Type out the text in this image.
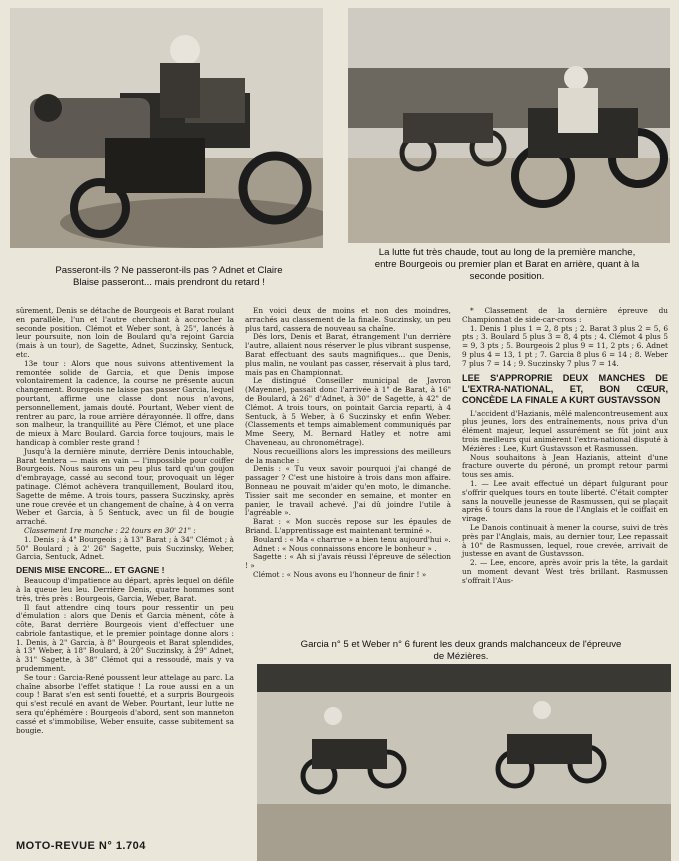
Passeront-ils ? Ne passeront-ils pas ? Adnet et Claire Blaise passeront... mais prendront du retard !
La lutte fut très chaude, tout au long de la première manche, entre Bourgeois ou premier plan et Barat en arrière, quant à la seconde position.

sûrement, Denis se détache de Bourgeois et Barat roulant en parallèle, l'un et l'autre cherchant à accrocher la seconde position. Clémot et Weber sont, à 25", lancés à leur poursuite, non loin de Boulard qu'a rejoint Garcia (mais à un tour), de Sagette, Adnet, Suczinsky, Sentuck, etc.

13e tour : Alors que nous suivons attentivement la remontée solide de Garcia, et que Denis impose volontairement la cadence, la course ne présente aucun changement. Bourgeois ne laisse pas passer Garcia, lequel pourtant, affirme une classe dont nous n'avons, personnellement, jamais douté. Pourtant, Weber vient de rentrer au parc, la roue arrière dérayonnée. Il offre, dans son malheur, la tranquillité au Père Clémot, et une place de mieux à Marc Boulard. Garcia force toujours, mais le handicap à combler reste grand !

Jusqu'à la dernière minute, derrière Denis intouchable, Barat tentera — mais en vain — l'impossible pour coiffer Bourgeois. Nous saurons un peu plus tard qu'un goujon d'embrayage, cassé au second tour, provoquait un léger patinage. Clémot achèvera tranquillement, Boulard itou, Sagette de même. A trois tours, passera Suczinsky, après une roue crevée et un changement de chaîne, à 4 on verra Weber et Garcia, à 5 Sentuck, avec un fil de bougie arraché.

Classement 1re manche : 22 tours en 30' 21" :

1. Denis ; à 4" Bourgeois ; à 13" Barat ; à 34" Clémot ; à 50" Boulard ; à 2' 26" Sagette, puis Suczinsky, Weber, Garcia, Sentuck, Adnet.

DENIS MISE ENCORE... ET GAGNE !

Beaucoup d'impatience au départ, après lequel on défile à la queue leu leu. Derrière Denis, quatre hommes sont très, très près : Bourgeois, Garcia, Weber, Barat.

Il faut attendre cinq tours pour ressentir un peu d'émulation : alors que Denis et Garcia mènent, côte à côte, Barat derrière Bourgeois vient d'effectuer une cabriole fantastique, et le premier pointage donne alors : 1. Denis, à 2" Garcia, à 8" Bourgeois et Barat splendides, à 13" Weber, à 18" Boulard, à 20" Suczinsky, à 29" Adnet, à 31" Sagette, à 38" Clémot qui a ressoudé, mais y va prudemment.

Se tour : Garcia-René poussent leur attelage au parc. La chaîne absorbe l'effet statique ! La roue aussi en a un coup ! Barat s'en est senti fouetté, et a surpris Bourgeois qui s'est reculé en avant de Weber. Pourtant, leur lutte ne sera qu'éphémère : Bourgeois d'abord, sent son manneton cassé et s'immobilise, Weber ensuite, casse subitement sa bougie.

En voici deux de moins et non des moindres, arrachés au classement de la finale. Suczinsky, un peu plus tard, cassera de nouveau sa chaîne.

Dès lors, Denis et Barat, étrangement l'un derrière l'autre, allaient nous réserver le plus vibrant suspense, Barat effectuant des sauts magnifiques... que Denis, plus malin, ne voulant pas casser, réservait à plus tard, mais pas en Championnat.

Le distingué Conseiller municipal de Javron (Mayenne), passait donc l'arrivée à 1" de Barat, à 16" de Boulard, à 26" d'Adnet, à 30" de Sagette, à 42" de Clémot. A trois tours, on pointait Garcia reparti, à 4 Sentuck, à 5 Weber, à 6 Suczinsky et enfin Weber. (Classements et temps aimablement communiqués par Mme Seery, M. Bernard Hatley et notre ami Chaveneau, au chronométrage).

Nous recueillions alors les impressions des meilleurs de la manche :

Denis : « Tu veux savoir pourquoi j'ai changé de passager ? C'est une histoire à trois dans mon affaire. Bonneau ne pouvait m'aider qu'en moto, le dimanche. Tissier sait me seconder en semaine, et monter en panier, le travail achevé. J'ai dû joindre l'utile à l'agréable ».

Barat : « Mon succès repose sur les épaules de Briand. L'apprentissage est maintenant terminé ».

Boulard : « Ma « charrue » a bien tenu aujourd'hui ».

Adnet : « Nous connaissons encore le bonheur » .

Sagette : « Ah si j'avais réussi l'épreuve de sélection ! »

Clémot : « Nous avons eu l'honneur de finir ! »

* Classement de la dernière épreuve du Championnat de side-car-cross :

1. Denis 1 plus 1 = 2, 8 pts ; 2. Barat 3 plus 2 = 5, 6 pts ; 3. Boulard 5 plus 3 = 8, 4 pts ; 4. Clémot 4 plus 5 = 9, 3 pts ; 5. Bourgeois 2 plus 9 = 11, 2 pts ; 6. Adnet 9 plus 4 = 13, 1 pt ; 7. Garcia 8 plus 6 = 14 ; 8. Weber 7 plus 7 = 14 ; 9. Suczinsky 7 plus 7 = 14.

LEE S'APPROPRIE DEUX MANCHES DE L'EXTRA-NATIONAL, ET, BON CŒUR, CONCÈDE LA FINALE A KURT GUSTAVSSON

L'accident d'Hazianis, mêlé malencontreusement aux plus jeunes, lors des entraînements, nous priva d'un élément majeur, lequel assurément se fût joint aux trois meilleurs qui animèrent l'extra-national disputé à Mézières : Lee, Kurt Gustavsson et Rasmussen.

Nous souhaitons à Jean Hazianis, atteint d'une fracture ouverte du péroné, un prompt retour parmi tous ses amis.

1. — Lee avait effectué un départ fulgurant pour s'offrir quelques tours en toute liberté. C'était compter sans la nouvelle jeunesse de Rasmussen, qui se plaçait après 6 tours dans la roue de l'Anglais et le coiffait en virage.

Le Danois continuait à mener la course, suivi de très près par l'Anglais, mais, au dernier tour, Lee repassait à 10" de Rasmussen, lequel, roue crevée, arrivait de justesse en avant de Gustavsson.

2. — Lee, encore, après avoir pris la tête, la gardait un moment devant West très brillant. Rasmussen s'offrait l'Aus-

Garcia n° 5 et Weber n° 6 furent les deux grands malchanceux de l'épreuve de Mézières.
MOTO-REVUE N° 1.704
